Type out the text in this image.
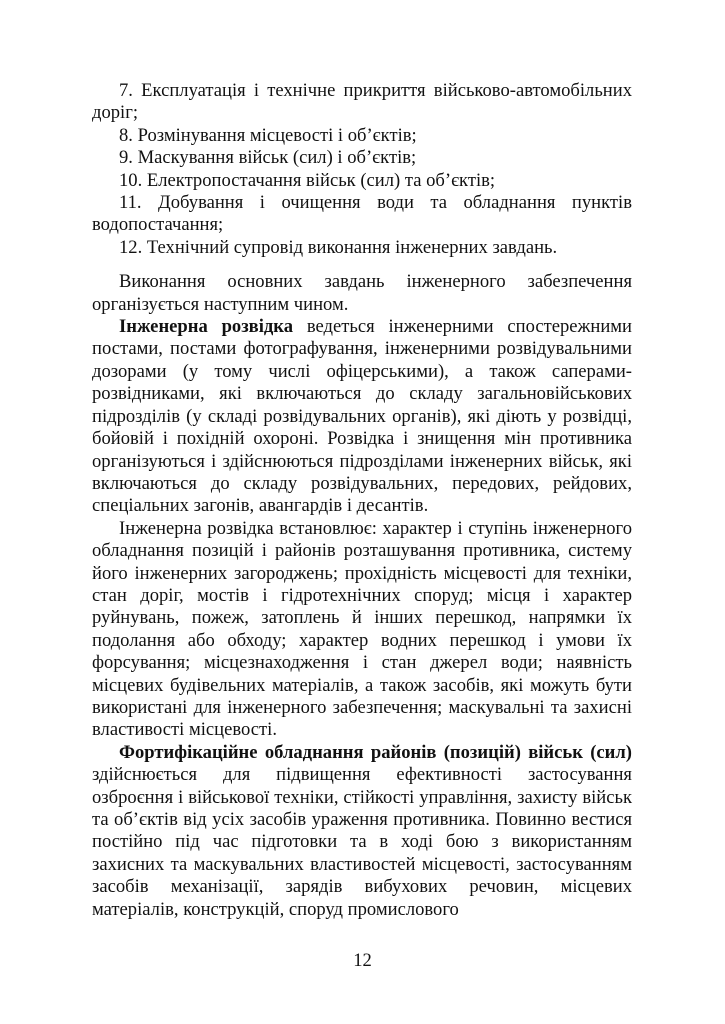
7. Експлуатація і технічне прикриття військово-автомобільних доріг;

8. Розмінування місцевості і об’єктів;

9. Маскування військ (сил) і об’єктів;

10. Електропостачання військ (сил) та об’єктів;

11. Добування і очищення води та обладнання пунктів водопостачання;

12. Технічний супровід виконання інженерних завдань.

Виконання основних завдань інженерного забезпечення організується наступним чином.

Інженерна розвідка ведеться інженерними спостережними постами, постами фотографування, інженерними розвідувальними дозорами (у тому числі офіцерськими), а також саперами-розвідниками, які включаються до складу загальновійськових підрозділів (у складі розвідувальних органів), які діють у розвідці, бойовій і похідній охороні. Розвідка і знищення мін противника організуються і здійснюються підрозділами інженерних військ, які включаються до складу розвідувальних, передових, рейдових, спеціальних загонів, авангардів і десантів.

Інженерна розвідка встановлює: характер і ступінь інженерного обладнання позицій і районів розташування противника, систему його інженерних загороджень; прохідність місцевості для техніки, стан доріг, мостів і гідротехнічних споруд; місця і характер руйнувань, пожеж, затоплень й інших перешкод, напрямки їх подолання або обходу; характер водних перешкод і умови їх форсування; місцезнаходження і стан джерел води; наявність місцевих будівельних матеріалів, а також засобів, які можуть бути використані для інженерного забезпечення; маскувальні та захисні властивості місцевості.

Фортифікаційне обладнання районів (позицій) військ (сил) здійснюється для підвищення ефективності застосування озброєння і військової техніки, стійкості управління, захисту військ та об’єктів від усіх засобів ураження противника. Повинно вестися постійно під час підготовки та в ході бою з використанням захисних та маскувальних властивостей місцевості, застосуванням засобів механізації, зарядів вибухових речовин, місцевих матеріалів, конструкцій, споруд промислового

12
